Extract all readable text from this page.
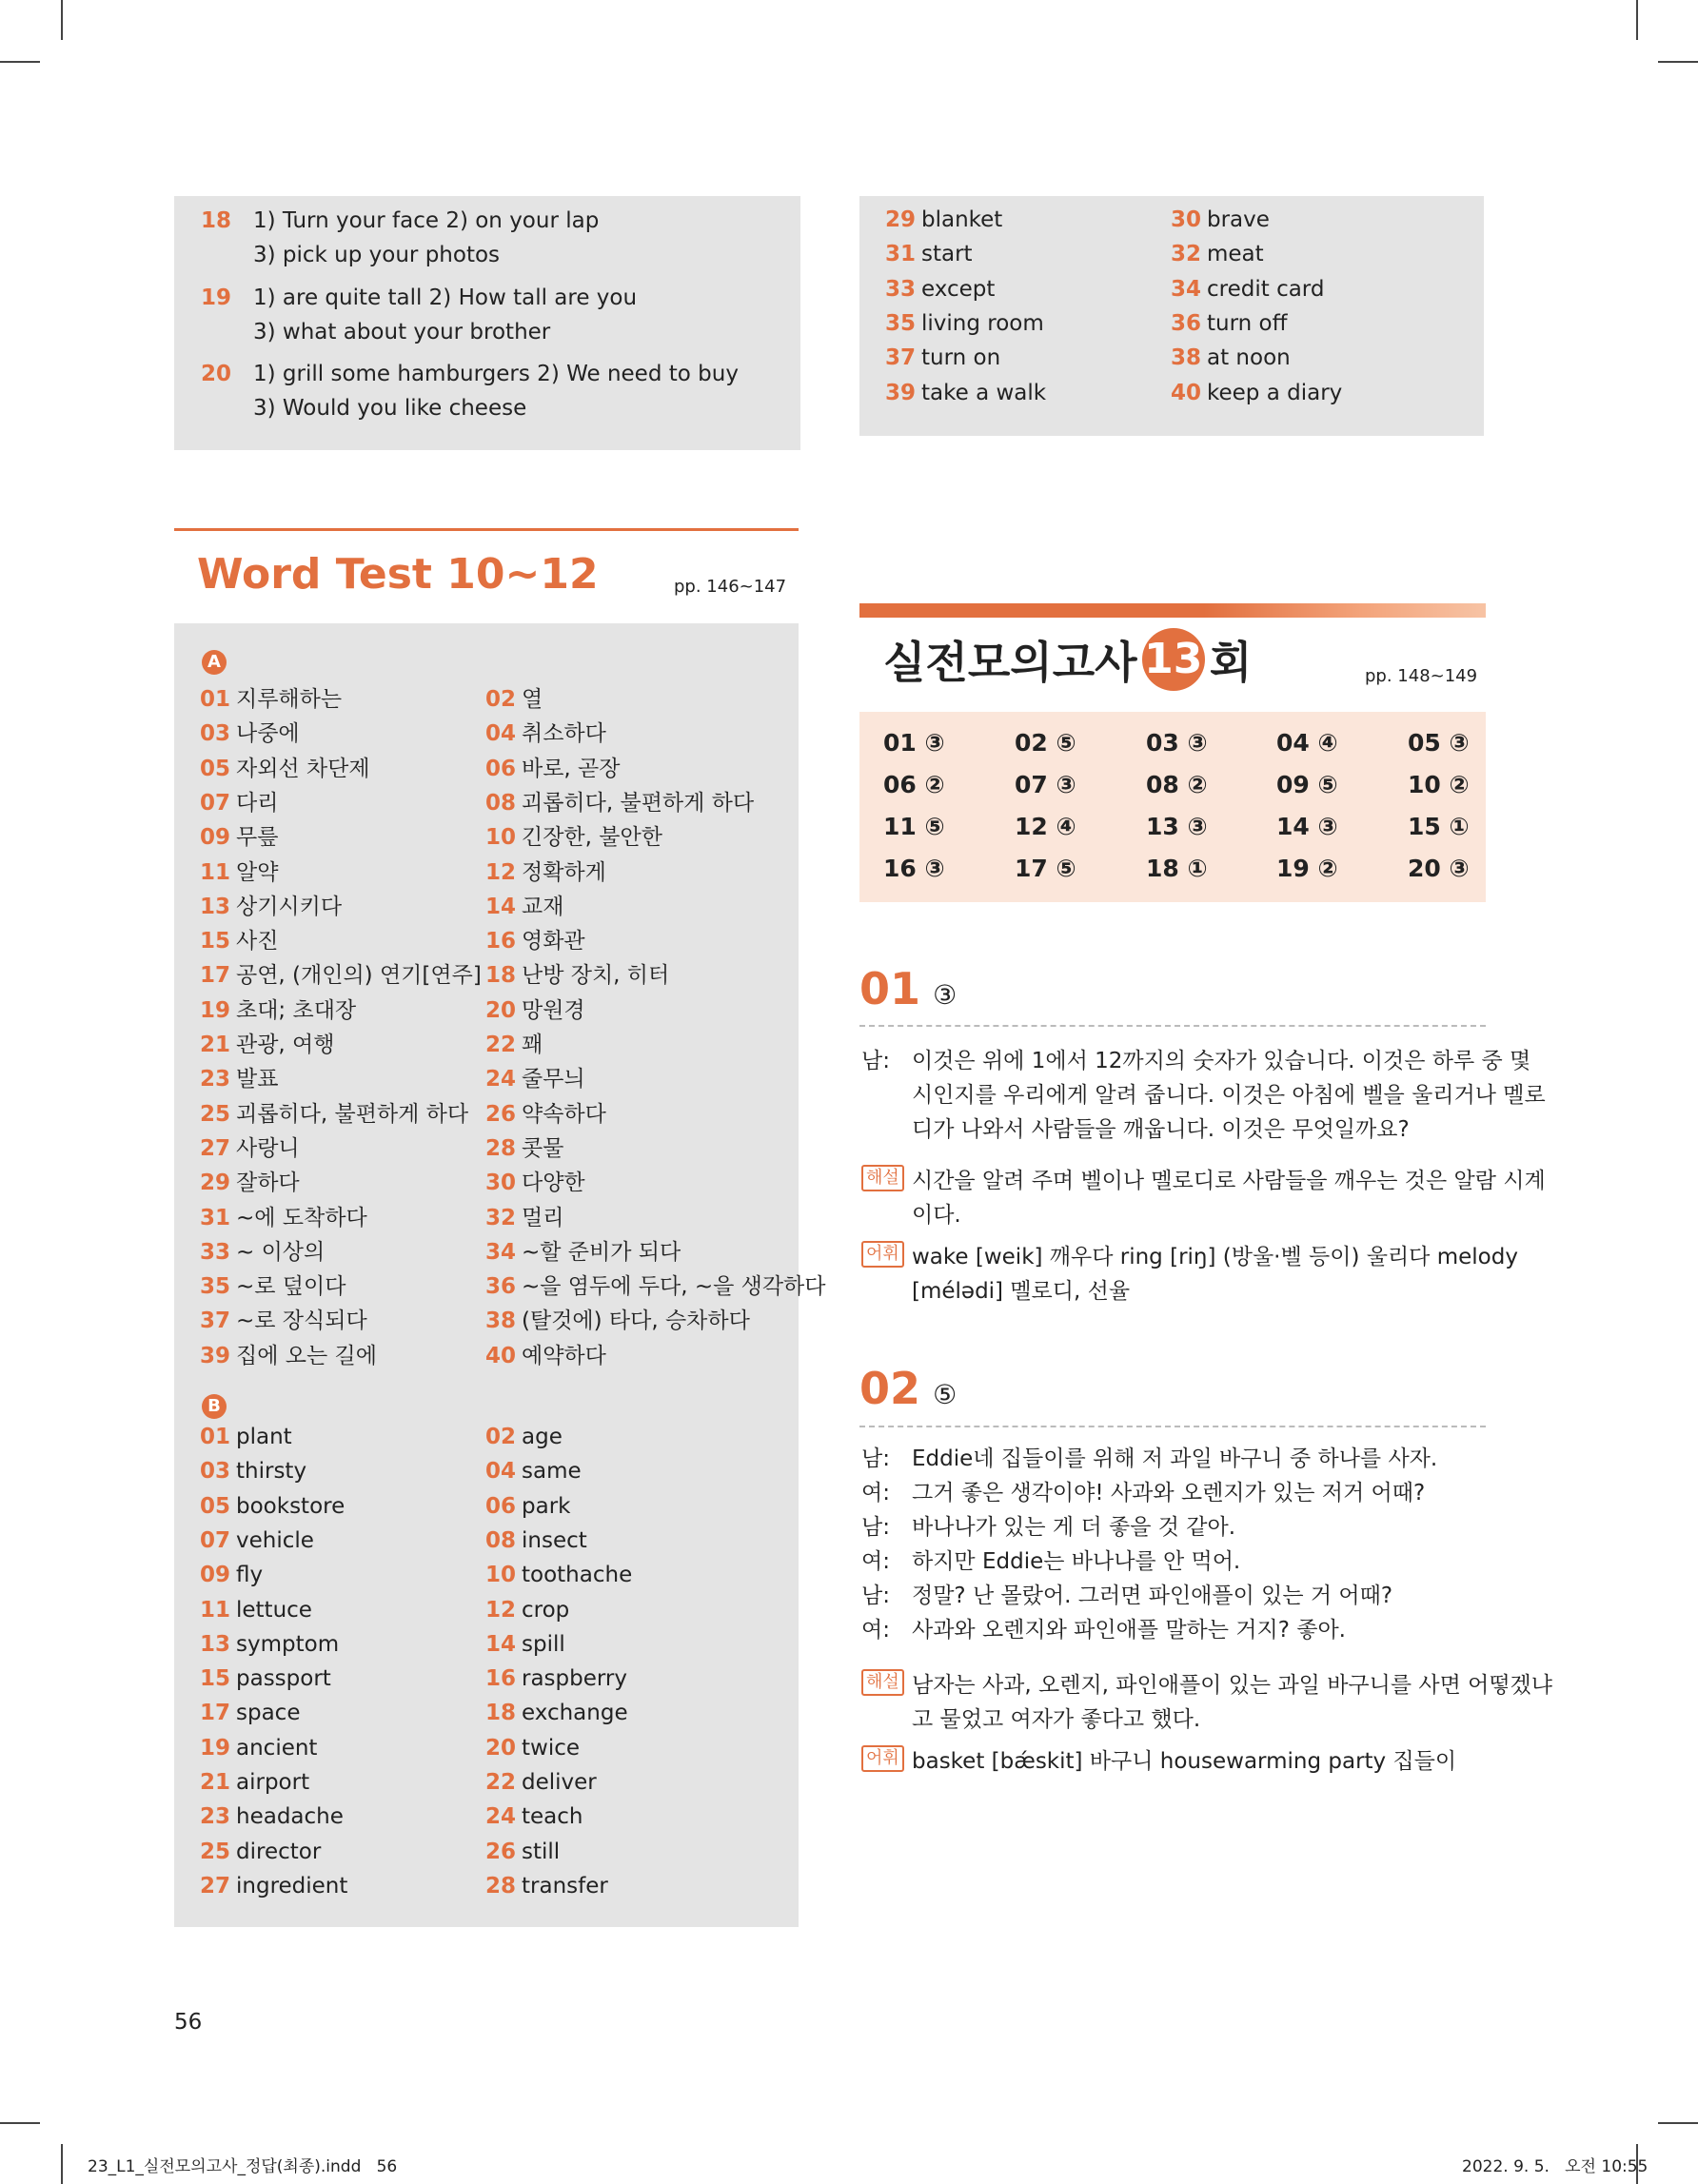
18 1) Turn your face 2) on your lap
3) pick up your photos
19 1) are quite tall 2) How tall are you
3) what about your brother
20 1) grill some hamburgers 2) We need to buy
3) Would you like cheese
29 blanket	30 brave
31 start	32 meat
33 except	34 credit card
35 living room	36 turn off
37 turn on	38 at noon
39 take a walk	40 keep a diary
Word Test 10~12	pp. 146~147
A
01 지루해하는	02 열
03 나중에	04 취소하다
05 자외선 차단제	06 바로, 곧장
07 다리	08 괴롭히다, 불편하게 하다
09 무릎	10 긴장한, 불안한
11 알약	12 정확하게
13 상기시키다	14 교재
15 사진	16 영화관
17 공연, (개인의) 연기[연주] 18 난방 장치, 히터
19 초대; 초대장	20 망원경
21 관광, 여행	22 꽤
23 발표	24 줄무늬
25 괴롭히다, 불편하게 하다 26 약속하다
27 사랑니	28 콧물
29 잘하다	30 다양한
31 ~에 도착하다	32 멀리
33 ~ 이상의	34 ~할 준비가 되다
35 ~로 덮이다	36 ~을 염두에 두다, ~을 생각하다
37 ~로 장식되다	38 (탈것에) 타다, 승차하다
39 집에 오는 길에	40 예약하다
B
01 plant	02 age
03 thirsty	04 same
05 bookstore	06 park
07 vehicle	08 insect
09 fly	10 toothache
11 lettuce	12 crop
13 symptom	14 spill
15 passport	16 raspberry
17 space	18 exchange
19 ancient	20 twice
21 airport	22 deliver
23 headache	24 teach
25 director	26 still
27 ingredient	28 transfer
실전모의고사 13 회	pp. 148~149
01 ③	02 ⑤	03 ③	04 ④	05 ③
06 ②	07 ③	08 ②	09 ⑤	10 ②
11 ⑤	12 ④	13 ③	14 ③	15 ①
16 ③	17 ⑤	18 ①	19 ②	20 ③
01 ③
남: 이것은 위에 1에서 12까지의 숫자가 있습니다. 이것은 하루 중 몇
시인지를 우리에게 알려 줍니다. 이것은 아침에 벨을 울리거나 멜로
디가 나와서 사람들을 깨웁니다. 이것은 무엇일까요?
해설 시간을 알려 주며 벨이나 멜로디로 사람들을 깨우는 것은 알람 시계
이다.
어휘 wake [weik] 깨우다 ring [riŋ] (방울·벨 등이) 울리다 melody
[mélədi] 멜로디, 선율
02 ⑤
남: Eddie네 집들이를 위해 저 과일 바구니 중 하나를 사자.
여: 그거 좋은 생각이야! 사과와 오렌지가 있는 저거 어때?
남: 바나나가 있는 게 더 좋을 것 같아.
여: 하지만 Eddie는 바나나를 안 먹어.
남: 정말? 난 몰랐어. 그러면 파인애플이 있는 거 어때?
여: 사과와 오렌지와 파인애플 말하는 거지? 좋아.
해설 남자는 사과, 오렌지, 파인애플이 있는 과일 바구니를 사면 어떻겠냐
고 물었고 여자가 좋다고 했다.
어휘 basket [bǽskit] 바구니 housewarming party 집들이
56
23_L1_실전모의고사_정답(최종).indd   56	2022. 9. 5.   오전 10:55
